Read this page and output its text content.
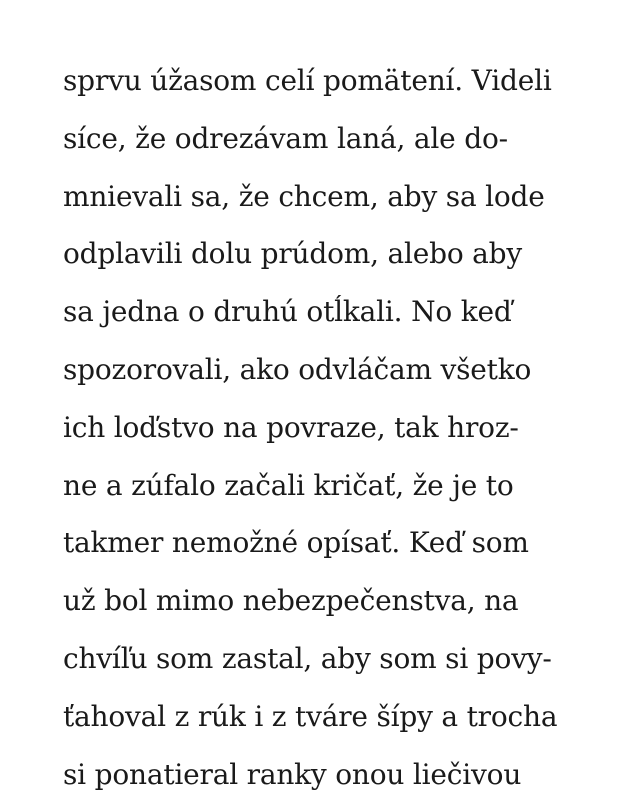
sprvu úžasom celí pomätení. Videli
síce, že odrezávam laná, ale do-
mnievali sa, že chcem, aby sa lode
odplavili dolu prúdom, alebo aby
sa jedna o druhú otĺkali. No keď
spozorovali, ako odvláčam všetko
ich loďstvo na povraze, tak hroz-
ne a zúfalo začali kričať, že je to
takmer nemožné opísať. Keď som
už bol mimo nebezpečenstva, na
chvíľu som zastal, aby som si povy-
ťahoval z rúk i z tváre šípy a trocha
si ponatieral ranky onou liečivou
